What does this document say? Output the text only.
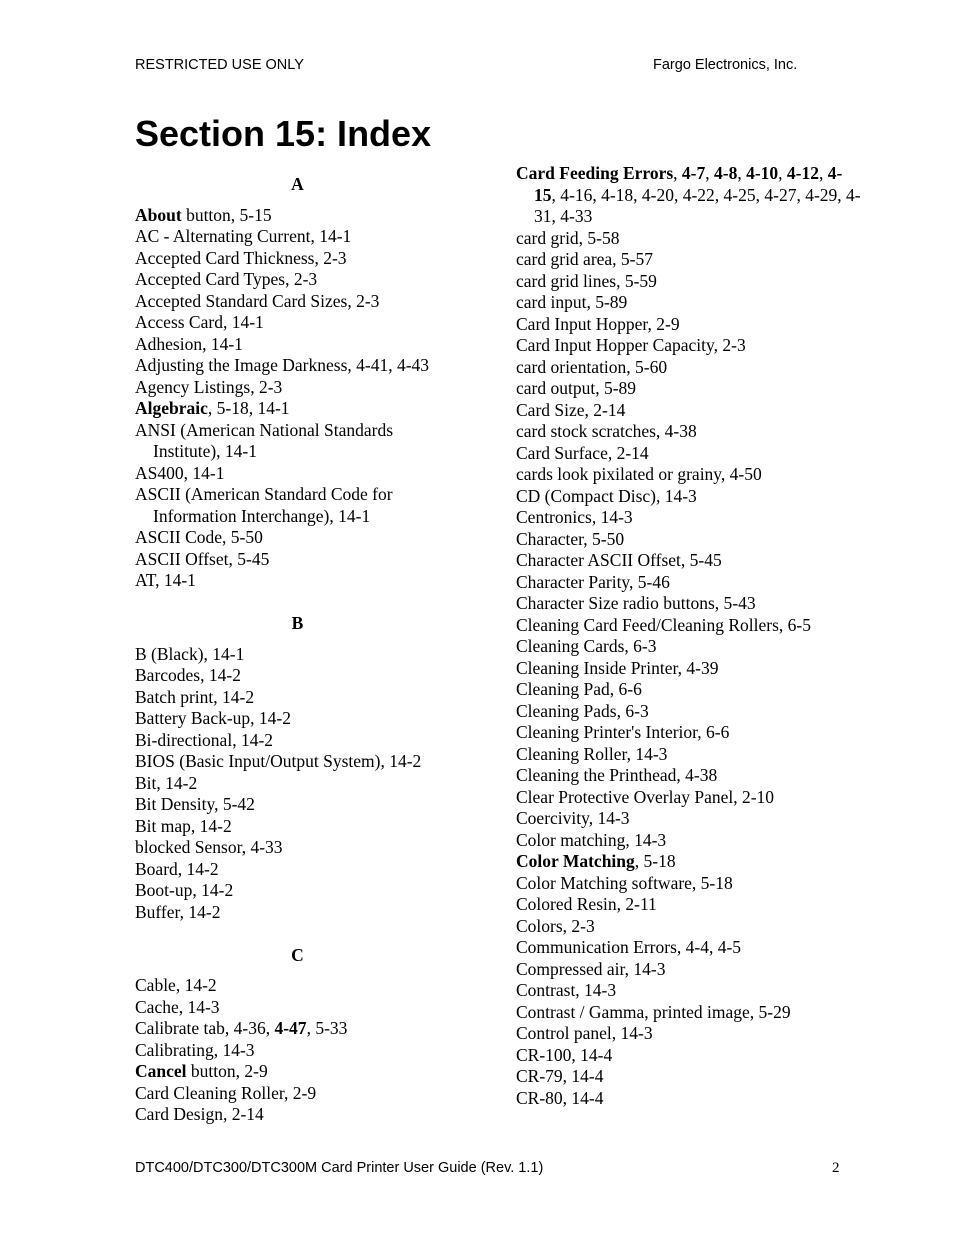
RESTRICTED USE ONLY	Fargo Electronics, Inc.
Section 15: Index
A
About button, 5-15
AC - Alternating Current, 14-1
Accepted Card Thickness, 2-3
Accepted Card Types, 2-3
Accepted Standard Card Sizes, 2-3
Access Card, 14-1
Adhesion, 14-1
Adjusting the Image Darkness, 4-41, 4-43
Agency Listings, 2-3
Algebraic, 5-18, 14-1
ANSI (American National Standards Institute), 14-1
AS400, 14-1
ASCII (American Standard Code for Information Interchange), 14-1
ASCII Code, 5-50
ASCII Offset, 5-45
AT, 14-1
B
B (Black), 14-1
Barcodes, 14-2
Batch print, 14-2
Battery Back-up, 14-2
Bi-directional, 14-2
BIOS (Basic Input/Output System), 14-2
Bit, 14-2
Bit Density, 5-42
Bit map, 14-2
blocked Sensor, 4-33
Board, 14-2
Boot-up, 14-2
Buffer, 14-2
C
Cable, 14-2
Cache, 14-3
Calibrate tab, 4-36, 4-47, 5-33
Calibrating, 14-3
Cancel button, 2-9
Card Cleaning Roller, 2-9
Card Design, 2-14
Card Feeding Errors, 4-7, 4-8, 4-10, 4-12, 4-15, 4-16, 4-18, 4-20, 4-22, 4-25, 4-27, 4-29, 4-31, 4-33
card grid, 5-58
card grid area, 5-57
card grid lines, 5-59
card input, 5-89
Card Input Hopper, 2-9
Card Input Hopper Capacity, 2-3
card orientation, 5-60
card output, 5-89
Card Size, 2-14
card stock scratches, 4-38
Card Surface, 2-14
cards look pixilated or grainy, 4-50
CD (Compact Disc), 14-3
Centronics, 14-3
Character, 5-50
Character ASCII Offset, 5-45
Character Parity, 5-46
Character Size radio buttons, 5-43
Cleaning Card Feed/Cleaning Rollers, 6-5
Cleaning Cards, 6-3
Cleaning Inside Printer, 4-39
Cleaning Pad, 6-6
Cleaning Pads, 6-3
Cleaning Printer's Interior, 6-6
Cleaning Roller, 14-3
Cleaning the Printhead, 4-38
Clear Protective Overlay Panel, 2-10
Coercivity, 14-3
Color matching, 14-3
Color Matching, 5-18
Color Matching software, 5-18
Colored Resin, 2-11
Colors, 2-3
Communication Errors, 4-4, 4-5
Compressed air, 14-3
Contrast, 14-3
Contrast / Gamma, printed image, 5-29
Control panel, 14-3
CR-100, 14-4
CR-79, 14-4
CR-80, 14-4
DTC400/DTC300/DTC300M Card Printer User Guide (Rev. 1.1)	2
